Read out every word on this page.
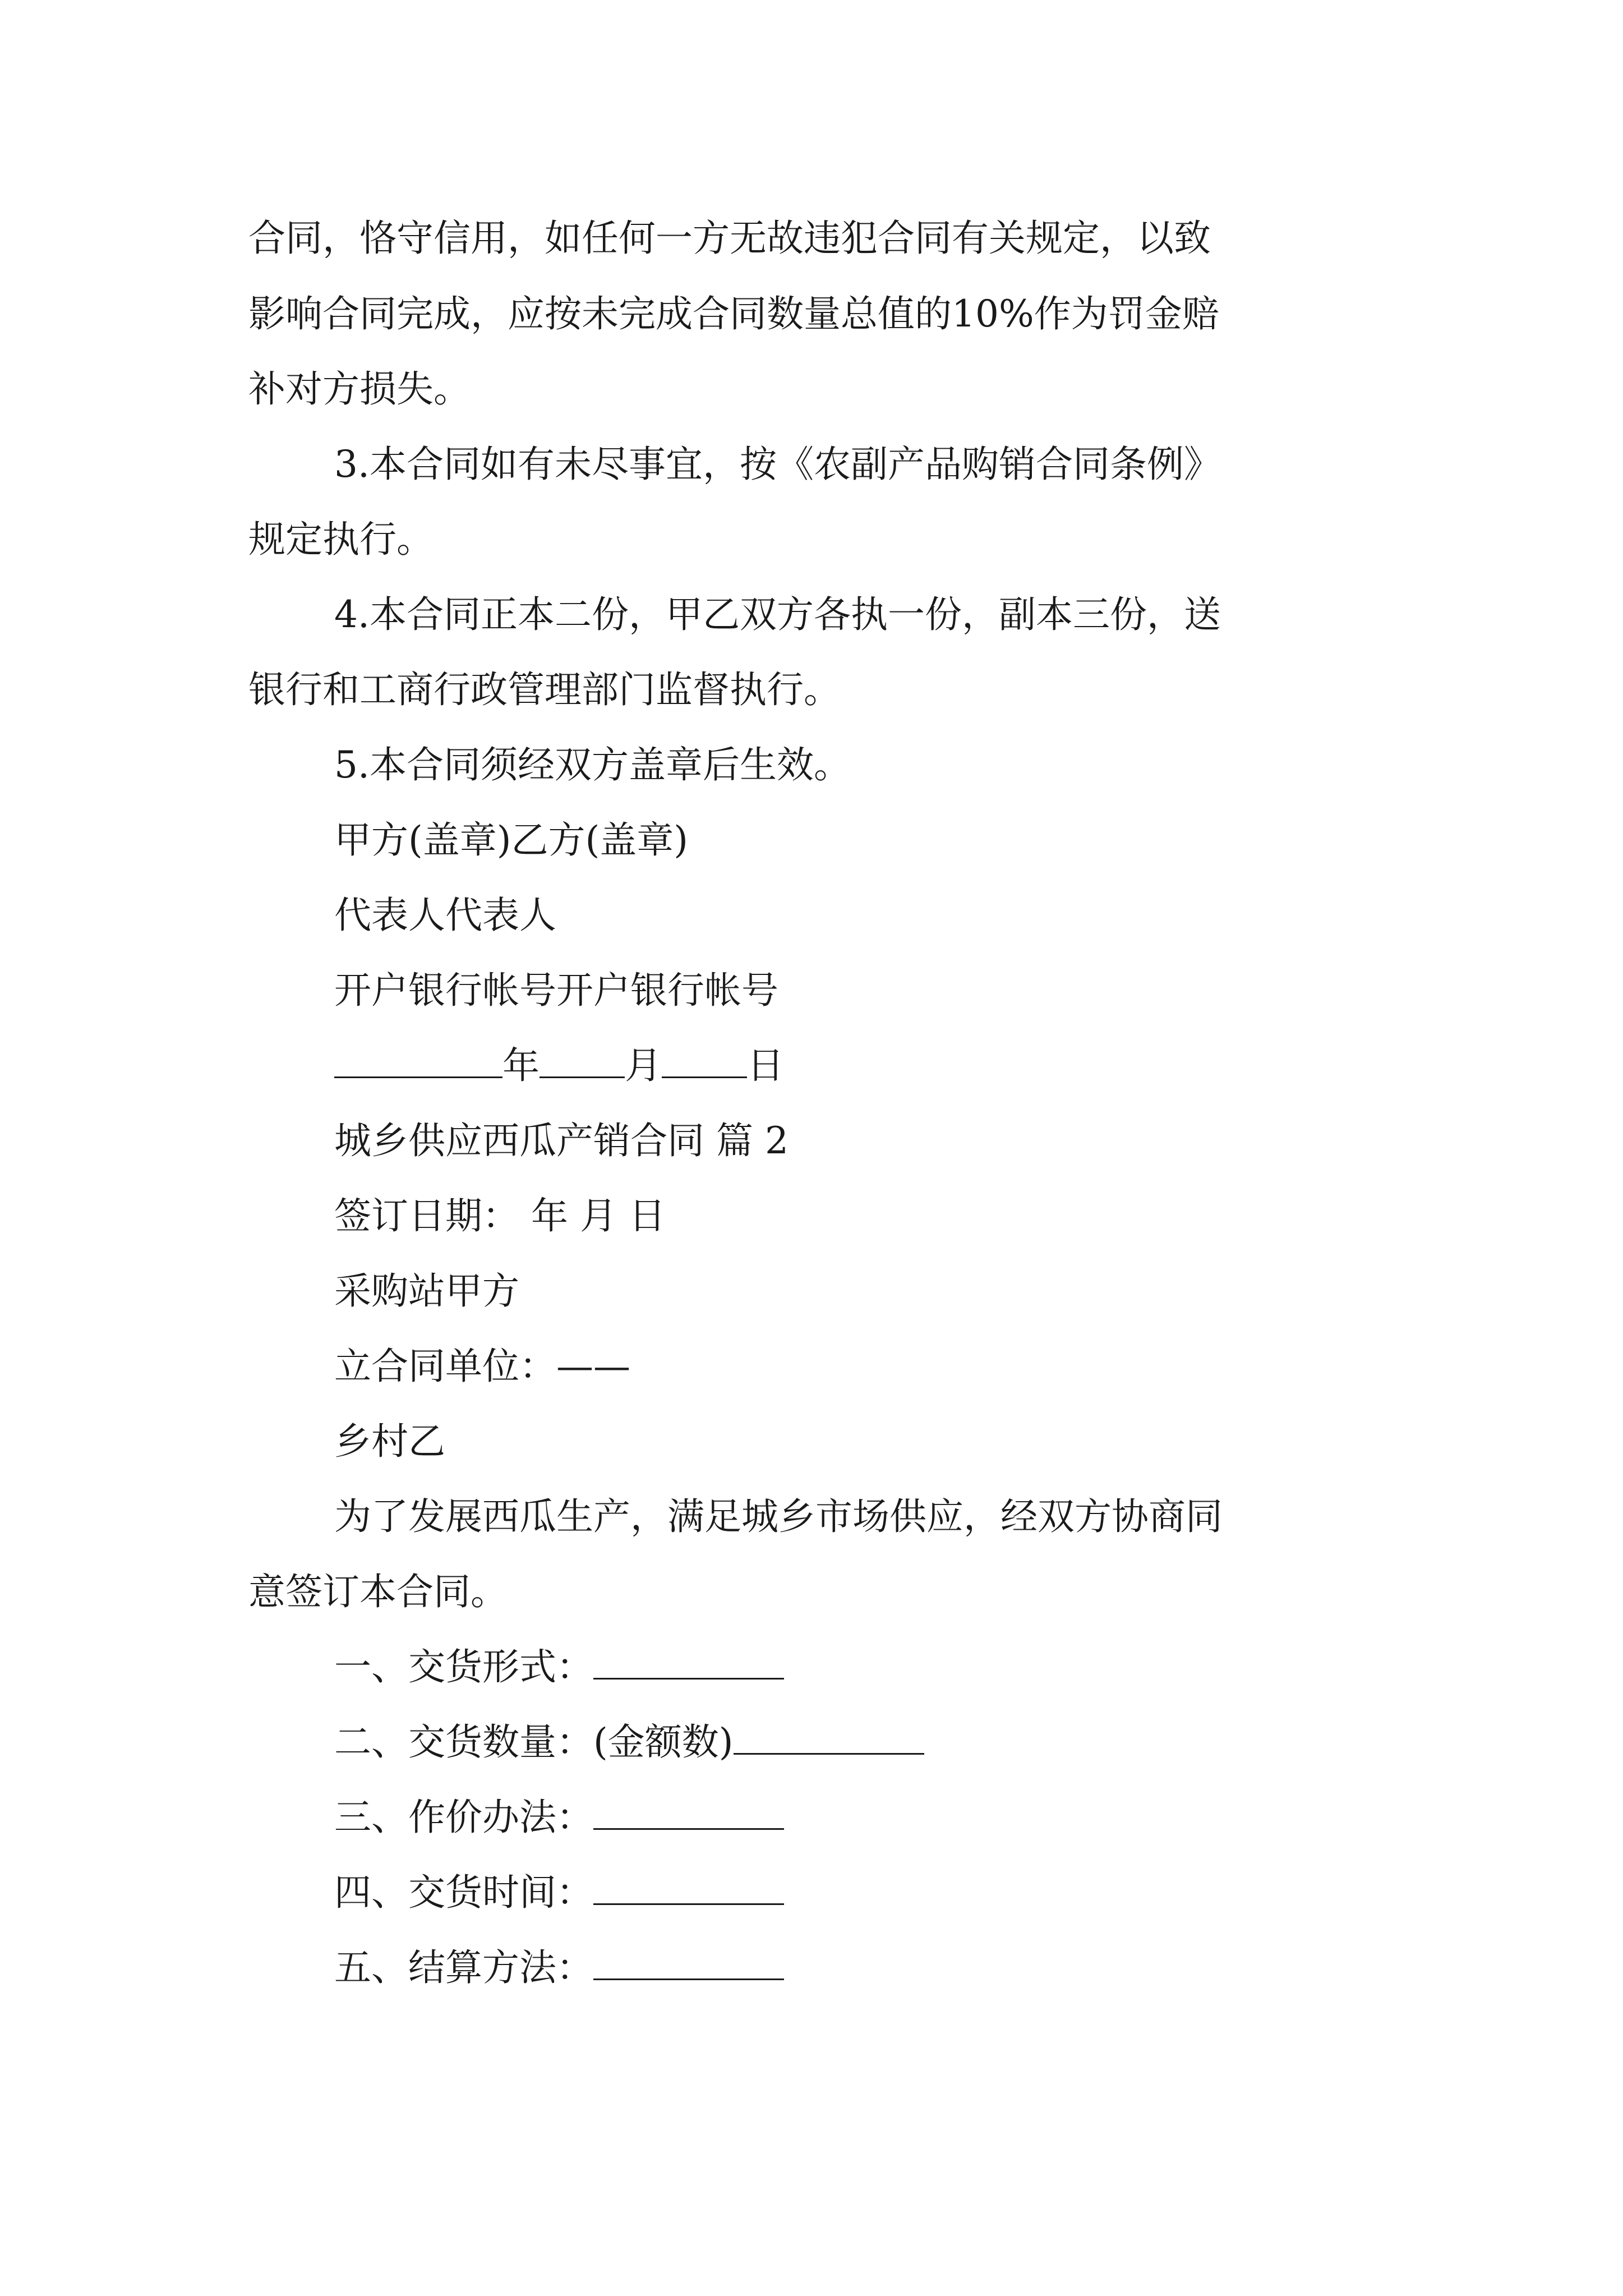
合同，恪守信用，如任何一方无故违犯合同有关规定，以致
影响合同完成，应按未完成合同数量总值的10%作为罚金赔
补对方损失。
3.本合同如有未尽事宜，按《农副产品购销合同条例》
规定执行。
4.本合同正本二份，甲乙双方各执一份，副本三份，送
银行和工商行政管理部门监督执行。
5.本合同须经双方盖章后生效。
甲方(盖章)乙方(盖章)
代表人代表人
开户银行帐号开户银行帐号
年 月 日
城乡供应西瓜产销合同 篇 2
签订日期： 年 月 日
采购站甲方
立合同单位：——
乡村乙
为了发展西瓜生产，满足城乡市场供应，经双方协商同
意签订本合同。
一、交货形式：
二、交货数量：(金额数)
三、作价办法：
四、交货时间：
五、结算方法：
